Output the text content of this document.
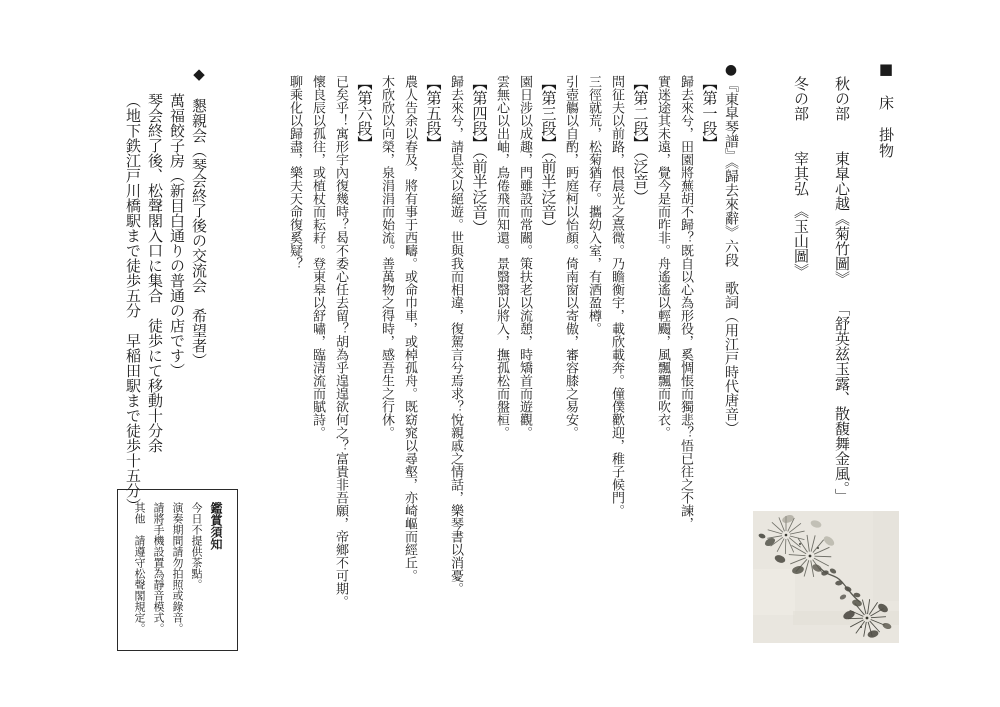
■　床　掛物
秋の部　　東皐心越《菊竹圖》　　「舒英兹玉露、散馥舞金風。」
冬の部　　宰其弘　《玉山圖》
●『東皐琴譜』《歸去來辭》六段　歌詞（用江戸時代唐音）
【第一段】

歸去來兮，田園將蕪胡不歸？既自以心為形役，奚惆悵而獨悲？悟已往之不諫，

實迷途其未遠，覺今是而昨非。舟遙遙以輕颺，風飄飄而吹衣。

【第二段】（泛音）

問征夫以前路，恨晨光之熹微。乃瞻衡宇，載欣載奔。僮僕歡迎，稚子候門。

三徑就荒，松菊猶存。攜幼入室，有酒盈樽。

引壺觴以自酌，眄庭柯以怡顏。倚南窗以寄傲，審容膝之易安。

【第三段】（前半泛音）

園日涉以成趣，門雖設而常關。策扶老以流憩，時矯首而遊觀。

雲無心以出岫，鳥倦飛而知還。景翳翳以將入，撫孤松而盤桓。

【第四段】（前半泛音）

歸去來兮，請息交以絕遊。世與我而相違，復駕言兮焉求？悅親戚之情話，樂琴書以消憂。

【第五段】

農人告余以春及，將有事于西疇。或命巾車，或棹孤舟。既窈窕以尋壑，亦崎嶇而經丘。

木欣欣以向榮，泉涓涓而始流。善萬物之得時，感吾生之行休。

【第六段】

已矣乎！寓形宇內復幾時？曷不委心任去留？胡為乎遑遑欲何之？富貴非吾願，帝鄉不可期。

懷良辰以孤往，或植杖而耘耔。登東皋以舒嘯，臨清流而賦詩。

聊乘化以歸盡，樂夫天命復奚疑？

◆　懇親会（琴会終了後の交流会　希望者）

萬福餃子房（新目白通りの普通の店です）

琴会終了後、松聲閣入口に集合　徒歩にて移動十分余

（地下鉄江戸川橋駅まで徒歩五分　早稲田駅まで徒歩十五分）

鑑賞須知

今日不提供茶點。

演奏期間請勿拍照或錄音。

請將手機設置為靜音模式。

其他　請遵守松聲閣規定。
